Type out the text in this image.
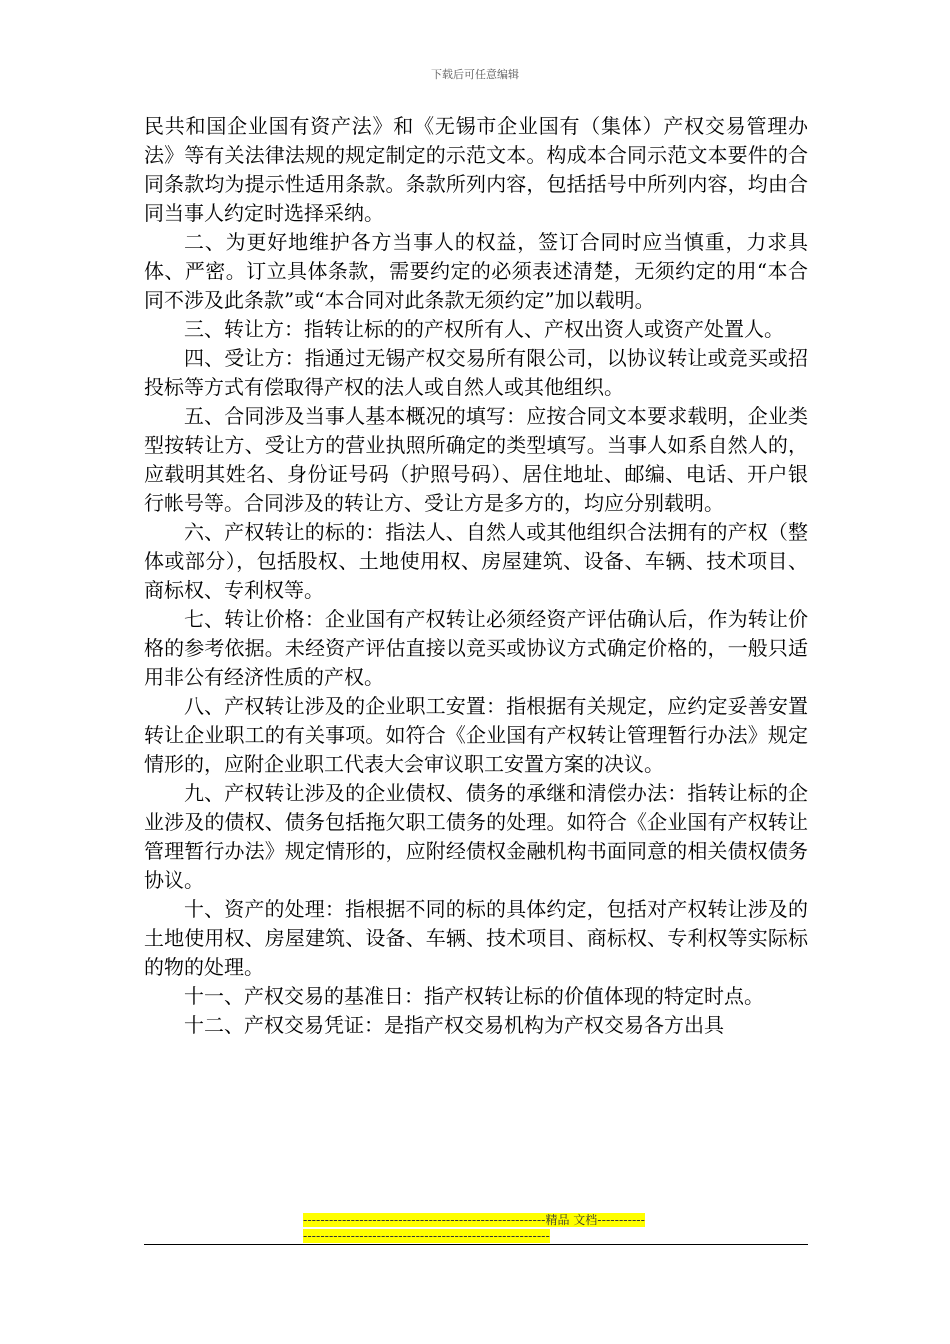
下载后可任意编辑

民共和国企业国有资产法》和《无锡市企业国有（集体）产权交易管理办法》等有关法律法规的规定制定的示范文本。构成本合同示范文本要件的合同条款均为提示性适用条款。条款所列内容，包括括号中所列内容，均由合同当事人约定时选择采纳。

二、为更好地维护各方当事人的权益，签订合同时应当慎重，力求具体、严密。订立具体条款，需要约定的必须表述清楚，无须约定的用“本合同不涉及此条款”或“本合同对此条款无须约定”加以载明。

三、转让方：指转让标的的产权所有人、产权出资人或资产处置人。

四、受让方：指通过无锡产权交易所有限公司，以协议转让或竞买或招投标等方式有偿取得产权的法人或自然人或其他组织。

五、合同涉及当事人基本概况的填写：应按合同文本要求载明，企业类型按转让方、受让方的营业执照所确定的类型填写。当事人如系自然人的，应载明其姓名、身份证号码（护照号码）、居住地址、邮编、电话、开户银行帐号等。合同涉及的转让方、受让方是多方的，均应分别载明。

六、产权转让的标的：指法人、自然人或其他组织合法拥有的产权（整体或部分），包括股权、土地使用权、房屋建筑、设备、车辆、技术项目、商标权、专利权等。

七、转让价格：企业国有产权转让必须经资产评估确认后，作为转让价格的参考依据。未经资产评估直接以竞买或协议方式确定价格的，一般只适用非公有经济性质的产权。

八、产权转让涉及的企业职工安置：指根据有关规定，应约定妥善安置转让企业职工的有关事项。如符合《企业国有产权转让管理暂行办法》规定情形的，应附企业职工代表大会审议职工安置方案的决议。

九、产权转让涉及的企业债权、债务的承继和清偿办法：指转让标的企业涉及的债权、债务包括拖欠职工债务的处理。如符合《企业国有产权转让管理暂行办法》规定情形的，应附经债权金融机构书面同意的相关债权债务协议。

十、资产的处理：指根据不同的标的具体约定，包括对产权转让涉及的土地使用权、房屋建筑、设备、车辆、技术项目、商标权、专利权等实际标的物的处理。

十一、产权交易的基准日：指产权转让标的价值体现的特定时点。

十二、产权交易凭证：是指产权交易机构为产权交易各方出具

--------------------------------------------------------精品 文档--------------------------------------------------------------------
